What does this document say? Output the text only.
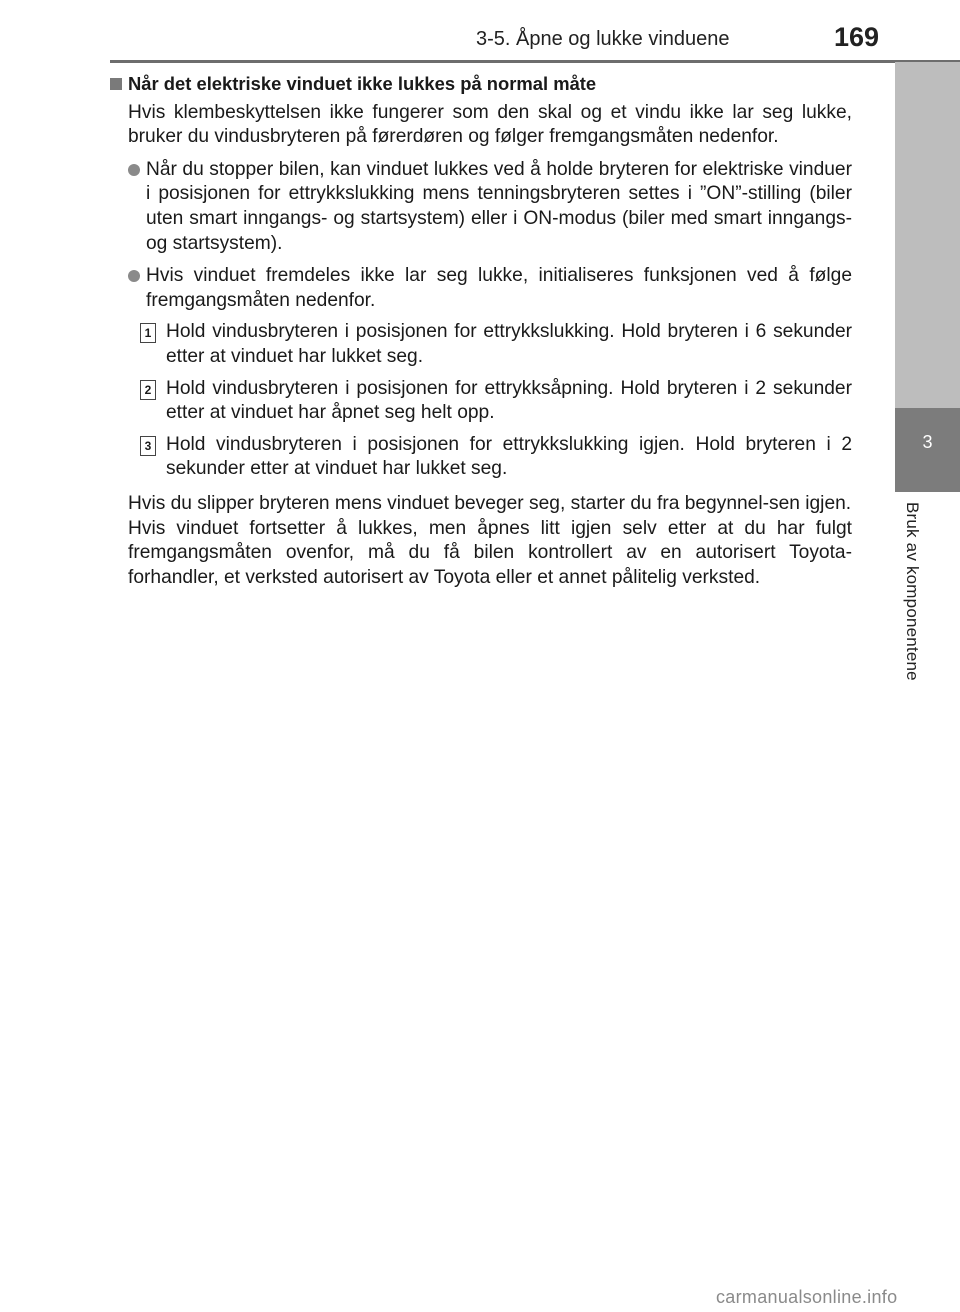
3-5. Åpne og lukke vinduene	169
3
Bruk av komponentene
Når det elektriske vinduet ikke lukkes på normal måte

Hvis klembeskyttelsen ikke fungerer som den skal og et vindu ikke lar seg lukke, bruker du vindusbryteren på førerdøren og følger fremgangsmåten nedenfor.

Når du stopper bilen, kan vinduet lukkes ved å holde bryteren for elektriske vinduer i posisjonen for ettrykkslukking mens tenningsbryteren settes i ”ON”-stilling (biler uten smart inngangs- og startsystem) eller i ON-modus (biler med smart inngangs- og startsystem).
Hvis vinduet fremdeles ikke lar seg lukke, initialiseres funksjonen ved å følge fremgangsmåten nedenfor.
1 Hold vindusbryteren i posisjonen for ettrykkslukking. Hold bryteren i 6 sekunder etter at vinduet har lukket seg.
2 Hold vindusbryteren i posisjonen for ettrykksåpning. Hold bryteren i 2 sekunder etter at vinduet har åpnet seg helt opp.
3 Hold vindusbryteren i posisjonen for ettrykkslukking igjen. Hold bryteren i 2 sekunder etter at vinduet har lukket seg.

Hvis du slipper bryteren mens vinduet beveger seg, starter du fra begynnel-sen igjen.
Hvis vinduet fortsetter å lukkes, men åpnes litt igjen selv etter at du har fulgt fremgangsmåten ovenfor, må du få bilen kontrollert av en autorisert Toyota-forhandler, et verksted autorisert av Toyota eller et annet pålitelig verksted.

carmanualsonline.info
